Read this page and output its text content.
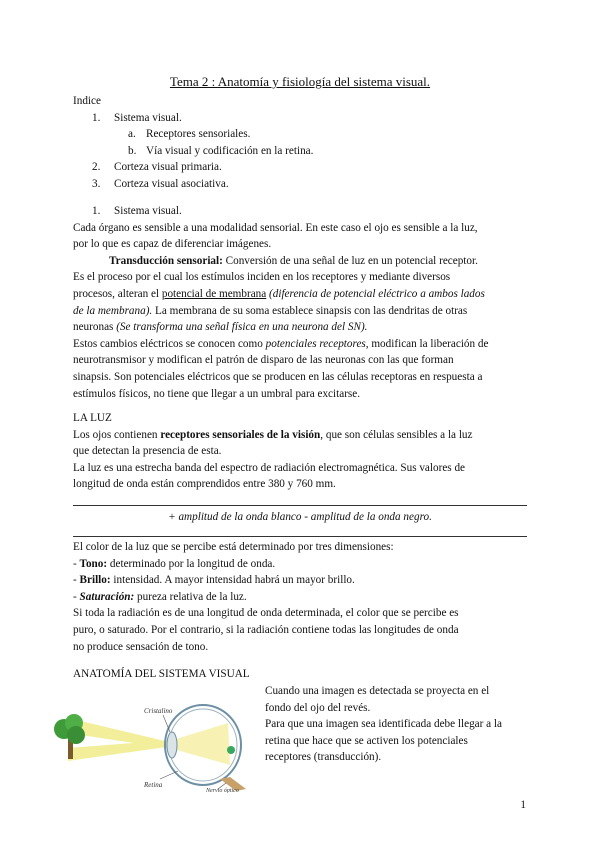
Tema 2 : Anatomía y fisiología del sistema visual.

Indice

1. Sistema visual.

a. Receptores sensoriales.

b. Vía visual y codificación en la retina.

2. Corteza visual primaria.

3. Corteza visual asociativa.

1. Sistema visual.

Cada órgano es sensible a una modalidad sensorial. En este caso el ojo es sensible a la luz,

por lo que es capaz de diferenciar imágenes.

Transducción sensorial: Conversión de una señal de luz en un potencial receptor.

Es el proceso por el cual los estímulos inciden en los receptores y mediante diversos

procesos, alteran el potencial de membrana (diferencia de potencial eléctrico a ambos lados

de la membrana). La membrana de su soma establece sinapsis con las dendritas de otras

neuronas (Se transforma una señal física en una neurona del SN).

Estos cambios eléctricos se conocen como potenciales receptores, modifican la liberación de

neurotransmisor y modifican el patrón de disparo de las neuronas con las que forman

sinapsis. Son potenciales eléctricos que se producen en las células receptoras en respuesta a

estímulos físicos, no tiene que llegar a un umbral para excitarse.

LA LUZ

Los ojos contienen receptores sensoriales de la visión, que son células sensibles a la luz

que detectan la presencia de esta.

La luz es una estrecha banda del espectro de radiación electromagnética. Sus valores de

longitud de onda están comprendidos entre 380 y 760 mm.

+ amplitud de la onda blanco - amplitud de la onda negro.

El color de la luz que se percibe está determinado por tres dimensiones:

- Tono: determinado por la longitud de onda.

- Brillo: intensidad. A mayor intensidad habrá un mayor brillo.

- Saturación: pureza relativa de la luz.

Si toda la radiación es de una longitud de onda determinada, el color que se percibe es

puro, o saturado. Por el contrario, si la radiación contiene todas las longitudes de onda

no produce sensación de tono.

ANATOMÍA DEL SISTEMA VISUAL

Cuando una imagen es detectada se proyecta en el

fondo del ojo del revés.

Para que una imagen sea identificada debe llegar a la

retina que hace que se activen los potenciales

receptores (transducción).

Cristalino
Retina
Nervio óptico
1
